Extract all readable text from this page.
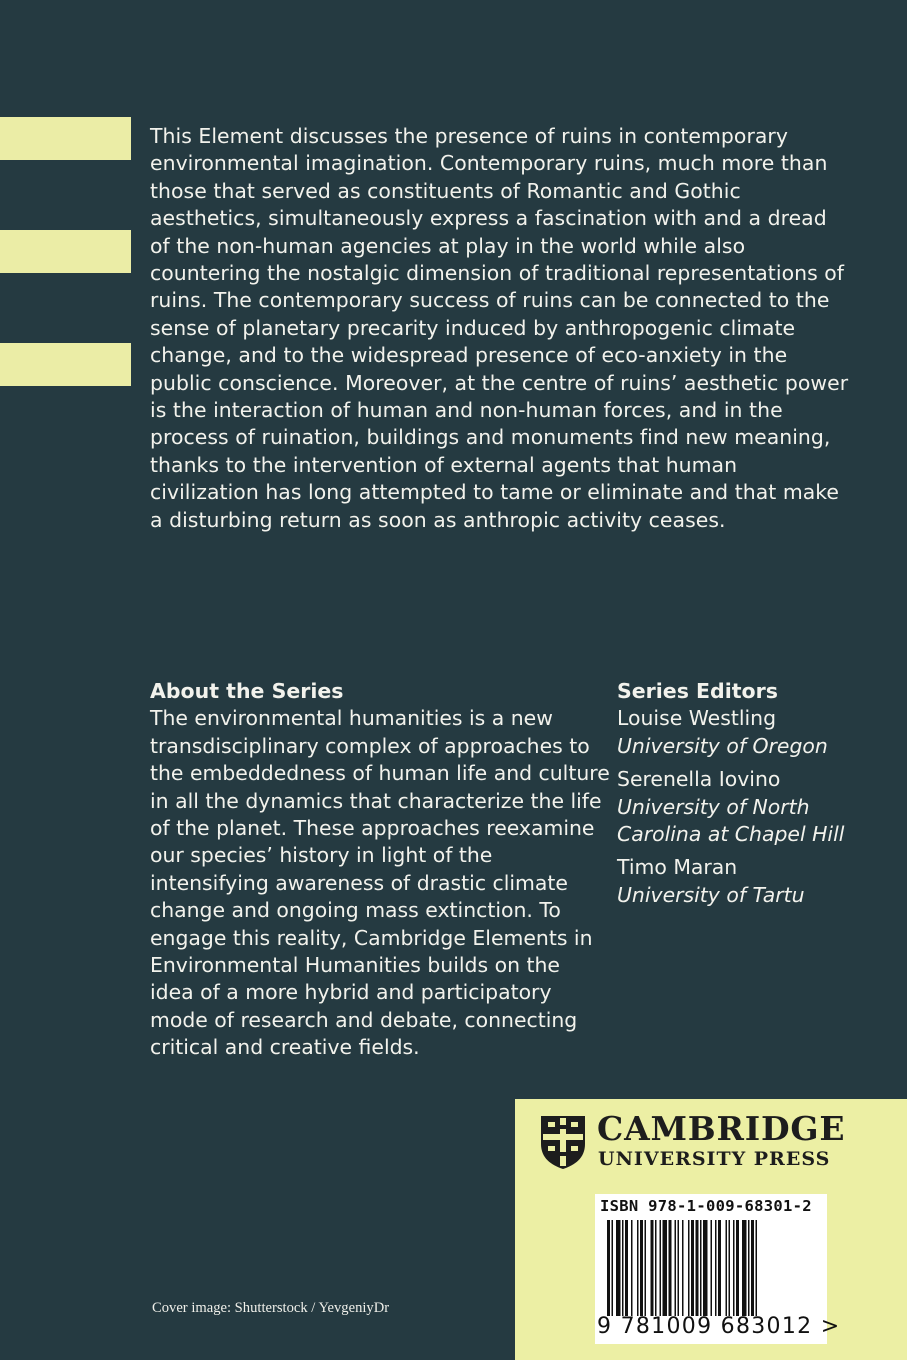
This Element discusses the presence of ruins in contemporary environmental imagination. Contemporary ruins, much more than those that served as constituents of Romantic and Gothic aesthetics, simultaneously express a fascination with and a dread of the non-human agencies at play in the world while also countering the nostalgic dimension of traditional representations of ruins. The contemporary success of ruins can be connected to the sense of planetary precarity induced by anthropogenic climate change, and to the widespread presence of eco-anxiety in the public conscience. Moreover, at the centre of ruins’ aesthetic power is the interaction of human and non-human forces, and in the process of ruination, buildings and monuments find new meaning, thanks to the intervention of external agents that human civilization has long attempted to tame or eliminate and that make a disturbing return as soon as anthropic activity ceases.

About the Series

The environmental humanities is a new transdisciplinary complex of approaches to the embeddedness of human life and culture in all the dynamics that characterize the life of the planet. These approaches reexamine our species’ history in light of the intensifying awareness of drastic climate change and ongoing mass extinction. To engage this reality, Cambridge Elements in Environmental Humanities builds on the idea of a more hybrid and participatory mode of research and debate, connecting critical and creative fields.

Series Editors
Louise Westling
University of Oregon
Serenella Iovino
University of North Carolina at Chapel Hill
Timo Maran
University of Tartu
CAMBRIDGE
UNIVERSITY PRESS
ISBN 978-1-009-68301-2
9 781009 683012 >
Cover image: Shutterstock / YevgeniyDr
